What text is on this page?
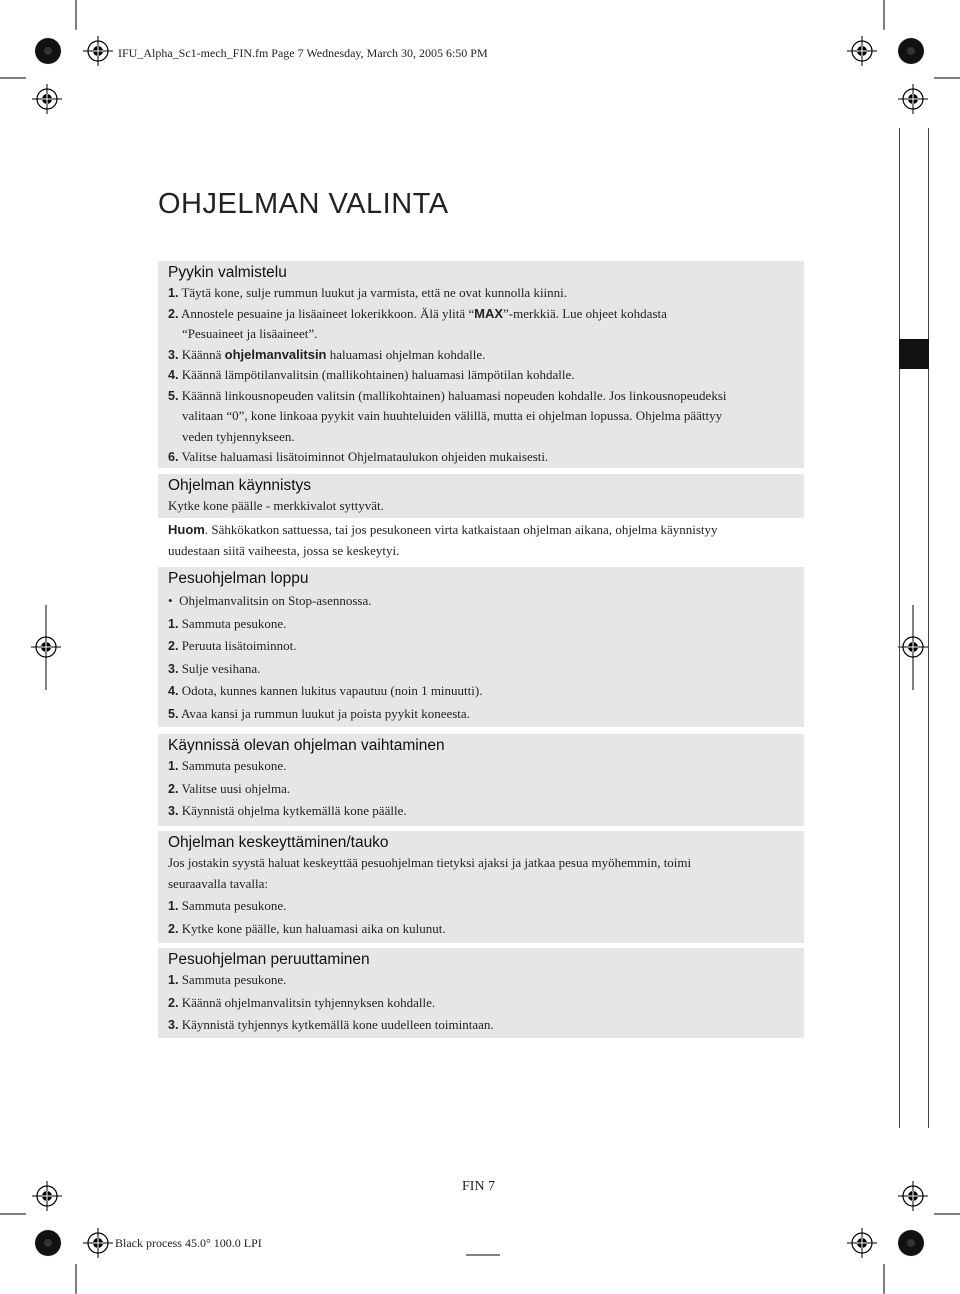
IFU_Alpha_Sc1-mech_FIN.fm Page 7 Wednesday, March 30, 2005 6:50 PM
Black process 45.0° 100.0 LPI
OHJELMAN VALINTA
Pyykin valmistelu
1. Täytä kone, sulje rummun luukut ja varmista, että ne ovat kunnolla kiinni.
2. Annostele pesuaine ja lisäaineet lokerikkoon. Älä ylitä “MAX”-merkkiä. Lue ohjeet kohdasta
“Pesuaineet ja lisäaineet”.
3. Käännä ohjelmanvalitsin haluamasi ohjelman kohdalle.
4. Käännä lämpötilanvalitsin (mallikohtainen) haluamasi lämpötilan kohdalle.
5. Käännä linkousnopeuden valitsin (mallikohtainen) haluamasi nopeuden kohdalle. Jos linkousnopeudeksi
valitaan “0”, kone linkoaa pyykit vain huuhteluiden välillä, mutta ei ohjelman lopussa. Ohjelma päättyy
veden tyhjennykseen.
6. Valitse haluamasi lisätoiminnot Ohjelmataulukon ohjeiden mukaisesti.
Ohjelman käynnistys
Kytke kone päälle - merkkivalot syttyvät.
Huom. Sähkökatkon sattuessa, tai jos pesukoneen virta katkaistaan ohjelman aikana, ohjelma käynnistyy
uudestaan siitä vaiheesta, jossa se keskeytyi.
Pesuohjelman loppu
• Ohjelmanvalitsin on Stop-asennossa.
1. Sammuta pesukone.
2. Peruuta lisätoiminnot.
3. Sulje vesihana.
4. Odota, kunnes kannen lukitus vapautuu (noin 1 minuutti).
5. Avaa kansi ja rummun luukut ja poista pyykit koneesta.
Käynnissä olevan ohjelman vaihtaminen
1. Sammuta pesukone.
2. Valitse uusi ohjelma.
3. Käynnistä ohjelma kytkemällä kone päälle.
Ohjelman keskeyttäminen/tauko
Jos jostakin syystä haluat keskeyttää pesuohjelman tietyksi ajaksi ja jatkaa pesua myöhemmin, toimi
seuraavalla tavalla:
1. Sammuta pesukone.
2. Kytke kone päälle, kun haluamasi aika on kulunut.
Pesuohjelman peruuttaminen
1. Sammuta pesukone.
2. Käännä ohjelmanvalitsin tyhjennyksen kohdalle.
3. Käynnistä tyhjennys kytkemällä kone uudelleen toimintaan.
FIN 7
